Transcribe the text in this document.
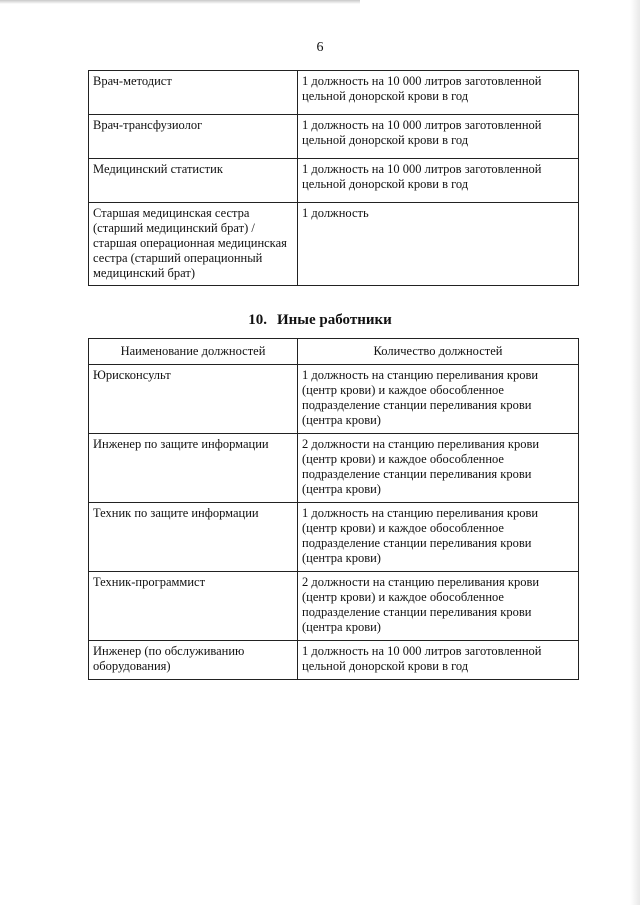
6
Врач-методист	1 должность на 10 000 литров заготовленной цельной донорской крови в год
Врач-трансфузиолог	1 должность на 10 000 литров заготовленной цельной донорской крови в год
Медицинский статистик	1 должность на 10 000 литров заготовленной цельной донорской крови в год
Старшая медицинская сестра (старший медицинский брат) /старшая операционная медицинская сестра (старший операционный медицинский брат)	1 должность
10. Иные работники
Наименование должностей	Количество должностей
Юрисконсульт	1 должность на станцию переливания крови (центр крови) и каждое обособленное подразделение станции переливания крови (центра крови)
Инженер по защите информации	2 должности на станцию переливания крови (центр крови) и каждое обособленное подразделение станции переливания крови (центра крови)
Техник по защите информации	1 должность на станцию переливания крови (центр крови) и каждое обособленное подразделение станции переливания крови (центра крови)
Техник-программист	2 должности на станцию переливания крови (центр крови) и каждое обособленное подразделение станции переливания крови (центра крови)
Инженер (по обслуживанию оборудования)	1 должность на 10 000 литров заготовленной цельной донорской крови в год
